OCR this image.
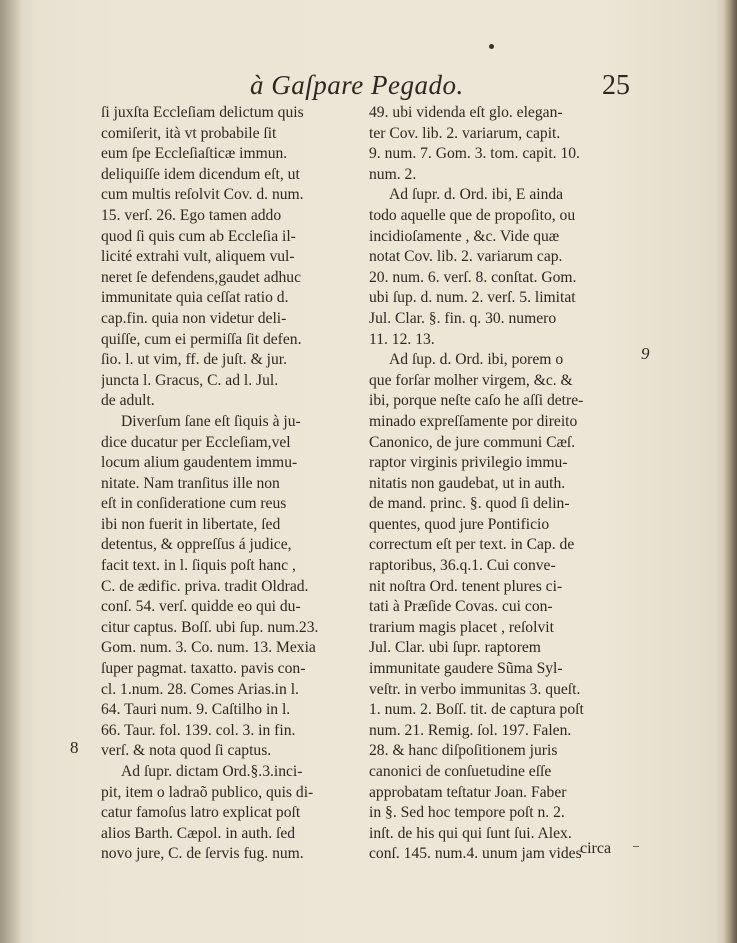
à Gaſpare Pegado.	25
8
9
ſi juxſta Eccleſiam delictum quis
comiſerit, ità vt probabile ſit
eum ſpe Eccleſiaſticæ immun.
deliquiſſe idem dicendum eſt, ut
cum multis reſolvit Cov. d. num.
15. verſ. 26. Ego tamen addo
quod ſi quis cum ab Eccleſia il-
licité extrahi vult, aliquem vul-
neret ſe defendens,gaudet adhuc
immunitate quia ceſſat ratio d.
cap.fin. quia non videtur deli-
quiſſe, cum ei permiſſa ſit defen.
ſio. l. ut vim, ff. de juſt. & jur.
juncta l. Gracus, C. ad l. Jul.
de adult.
Diverſum ſane eſt ſiquis à ju-
dice ducatur per Eccleſiam,vel
locum alium gaudentem immu-
nitate. Nam tranſitus ille non
eſt in conſideratione cum reus
ibi non fuerit in libertate, ſed
detentus, & oppreſſus á judice,
facit text. in l. ſiquis poſt hanc ,
C. de ædific. priva. tradit Oldrad.
conſ. 54. verſ. quidde eo qui du-
citur captus. Boſſ. ubi ſup. num.23.
Gom. num. 3. Co. num. 13. Mexia
ſuper pagmat. taxatto. pavis con-
cl. 1.num. 28. Comes Arias.in l.
64. Tauri num. 9. Caſtilho in l.
66. Taur. fol. 139. col. 3. in fin.
verſ. & nota quod ſi captus.
Ad ſupr. dictam Ord.§.3.inci-
pit, item o ladraõ publico, quis di-
catur famoſus latro explicat poſt
alios Barth. Cæpol. in auth. ſed
novo jure, C. de ſervis fug. num.
49. ubi videnda eſt glo. elegan-
ter Cov. lib. 2. variarum, capit.
9. num. 7. Gom. 3. tom. capit. 10.
num. 2.
Ad ſupr. d. Ord. ibi, E ainda
todo aquelle que de propoſito, ou
incidioſamente , &c. Vide quæ
notat Cov. lib. 2. variarum cap.
20. num. 6. verſ. 8. conſtat. Gom.
ubi ſup. d. num. 2. verſ. 5. limitat
Jul. Clar. §. fin. q. 30. numero
11. 12. 13.
Ad ſup. d. Ord. ibi, porem o
que forſar molher virgem, &c. &
ibi, porque neſte caſo he aſſi detre-
minado expreſſamente por direito
Canonico, de jure communi Cæſ.
raptor virginis privilegio immu-
nitatis non gaudebat, ut in auth.
de mand. princ. §. quod ſi delin-
quentes, quod jure Pontificio
correctum eſt per text. in Cap. de
raptoribus, 36.q.1. Cui conve-
nit noſtra Ord. tenent plures ci-
tati à Præſide Covas. cui con-
trarium magis placet , reſolvit
Jul. Clar. ubi ſupr. raptorem
immunitate gaudere Sũma Syl-
veſtr. in verbo immunitas 3. queſt.
1. num. 2. Boſſ. tit. de captura poſt
num. 21. Remig. ſol. 197. Falen.
28. & hanc diſpoſitionem juris
canonici de conſuetudine eſſe
approbatam teſtatur Joan. Faber
in §. Sed hoc tempore poſt n. 2.
inſt. de his qui qui ſunt ſui. Alex.
conſ. 145. num.4. unum jam vides
circa
